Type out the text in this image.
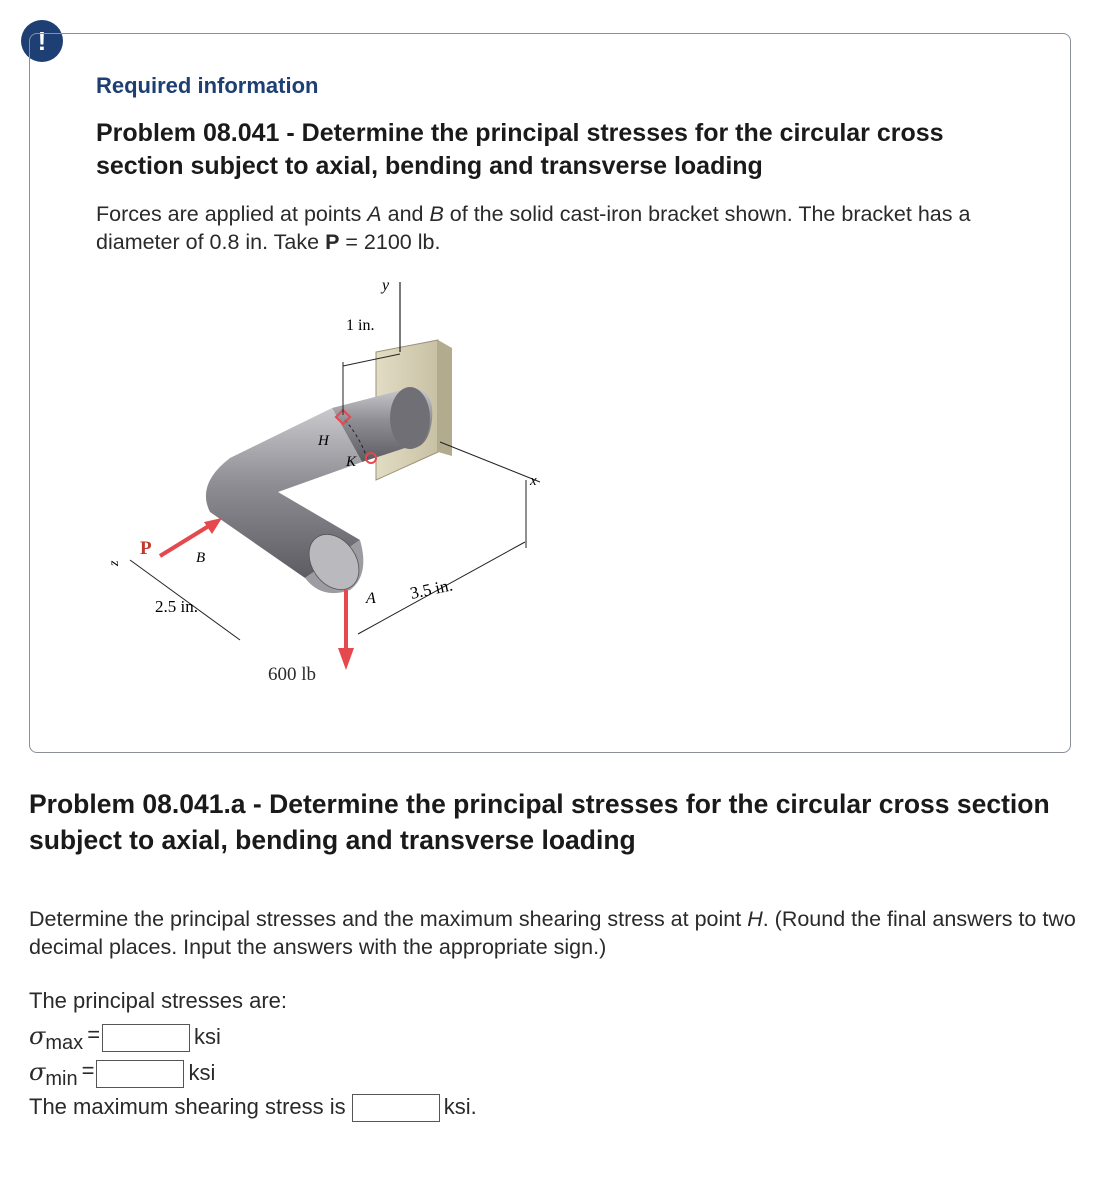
!
Required information
Problem 08.041 - Determine the principal stresses for the circular cross section subject to axial, bending and transverse loading
Forces are applied at points A and B of the solid cast-iron bracket shown. The bracket has a diameter of 0.8 in. Take P = 2100 lb.
y
H
K
1 in.
x
3.5 in.
z
2.5 in.
P	B
A
600 lb
Problem 08.041.a - Determine the principal stresses for the circular cross section subject to axial, bending and transverse loading
Determine the principal stresses and the maximum shearing stress at point H. (Round the final answers to two decimal places. Input the answers with the appropriate sign.)
The principal stresses are:
σmax =	ksi
σmin =	ksi
The maximum shearing stress is	ksi.
